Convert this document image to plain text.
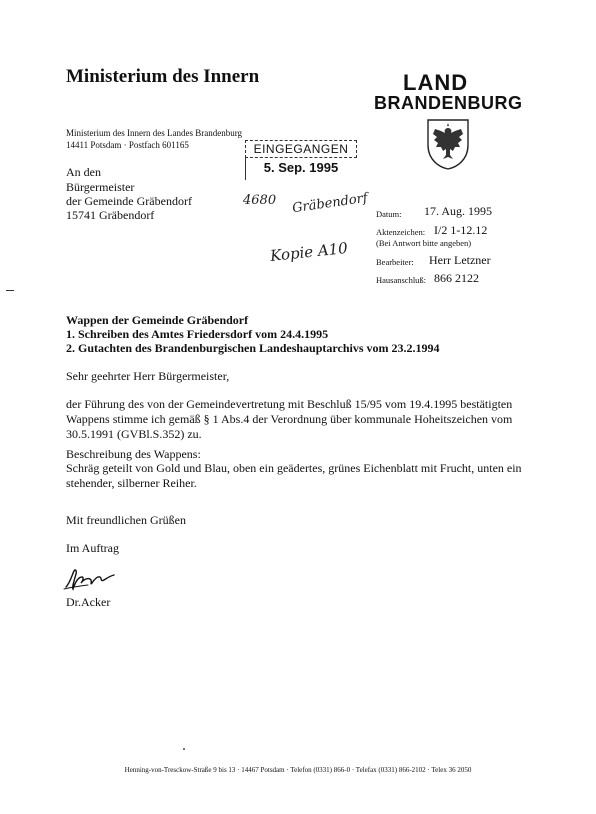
Ministerium des Innern	LAND
BRANDENBURG
Ministerium des Innern des Landes Brandenburg
14411 Potsdam · Postfach 601165	EINGEGANGEN
5. Sep. 1995
An den
Bürgermeister
der Gemeinde Gräbendorf
15741 Gräbendorf
4680 Gräbendorf
Kopie A10
Datum: 17. Aug. 1995
Aktenzeichen: I/2 1-12.12
(Bei Antwort bitte angeben)
Bearbeiter: Herr Letzner
Hausanschluß: 866 2122
Wappen der Gemeinde Gräbendorf
1. Schreiben des Amtes Friedersdorf vom 24.4.1995
2. Gutachten des Brandenburgischen Landeshauptarchivs vom 23.2.1994
Sehr geehrter Herr Bürgermeister,
der Führung des von der Gemeindevertretung mit Beschluß 15/95 vom 19.4.1995 bestätigten Wappens stimme ich gemäß § 1 Abs.4 der Verordnung über kommunale Hoheitszeichen vom 30.5.1991 (GVBl.S.352) zu.
Beschreibung des Wappens:
Schräg geteilt von Gold und Blau, oben ein geädertes, grünes Eichenblatt mit Frucht, unten ein stehender, silberner Reiher.
Mit freundlichen Grüßen
Im Auftrag
Dr.Acker
Henning-von-Tresckow-Straße 9 bis 13 · 14467 Potsdam · Telefon (0331) 866-0 · Telefax (0331) 866-2102 · Telex 36 2050
